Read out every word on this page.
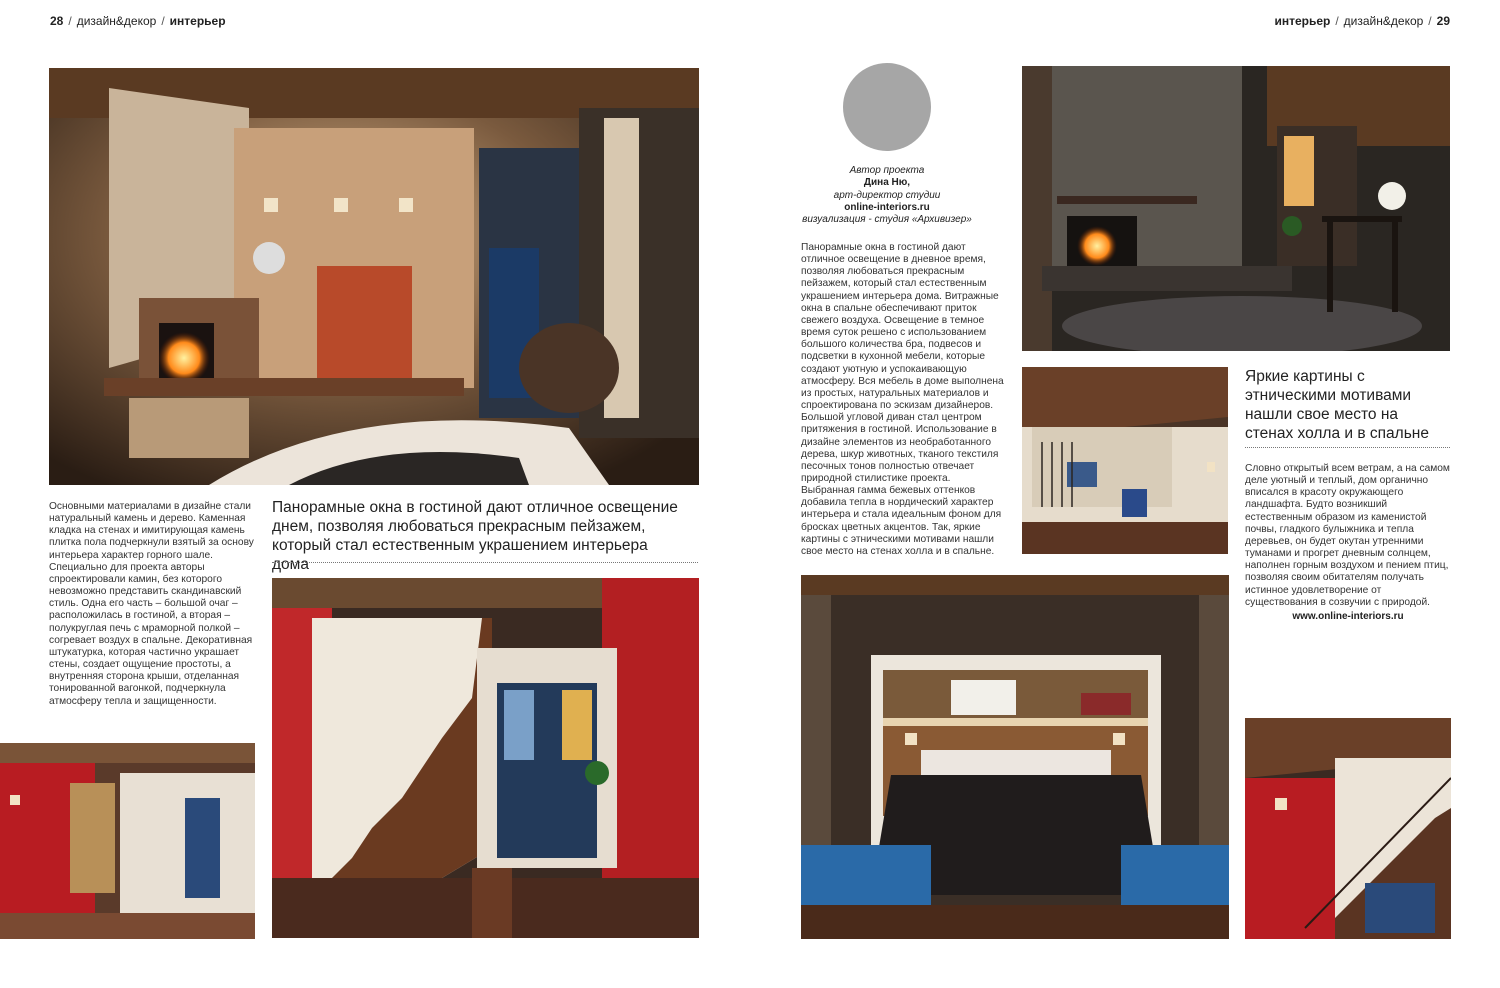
28 / дизайн&декор / интерьер	интерьер / дизайн&декор / 29
Основными материалами в дизайне стали натуральный камень и дерево. Каменная кладка на стенах и имитирующая камень плитка пола подчеркнули взятый за основу интерьера характер горного шале. Специально для проекта авторы спроектировали камин, без которого невозможно представить скандинавский стиль. Одна его часть – большой очаг – расположилась в гостиной, а вторая – полукруглая печь с мраморной полкой – согревает воздух в спальне. Декоративная штукатурка, которая частично украшает стены, создает ощущение простоты, а внутренняя сторона крыши, отделанная тонированной вагонкой, подчеркнула атмосферу тепла и защищенности.
Панорамные окна в гостиной дают отличное освещение днем, позволяя любоваться прекрасным пейзажем, который стал естественным украшением интерьера дома

Автор проекта

Дина Ню,

арт-директор студии

online-interiors.ru

визуализация - студия «Архивизер»

Панорамные окна в гостиной дают отличное освещение в дневное время, позволяя любоваться прекрасным пейзажем, который стал естественным украшением интерьера дома. Витражные окна в спальне обеспечивают приток свежего воздуха. Освещение в темное время суток решено с использованием большого количества бра, подвесов и подсветки в кухонной мебели, которые создают уютную и успокаивающую атмосферу. Вся мебель в доме выполнена из простых, натуральных материалов и спроектирована по эскизам дизайнеров. Большой угловой диван стал центром притяжения в гостиной. Использование в дизайне элементов из необработанного дерева, шкур животных, тканого текстиля песочных тонов полностью отвечает природной стилистике проекта. Выбранная гамма бежевых оттенков добавила тепла в нордический характер интерьера и стала идеальным фоном для бросках цветных акцентов. Так, яркие картины с этническими мотивами нашли свое место на стенах холла и в спальне.
Яркие картины с этническими мотивами нашли свое место на стенах холла и в спальне
Словно открытый всем ветрам, а на самом деле уютный и теплый, дом органично вписался в красоту окружающего ландшафта. Будто возникший естественным образом из каменистой почвы, гладкого булыжника и тепла деревьев, он будет окутан утренними туманами и прогрет дневным солнцем, наполнен горным воздухом и пением птиц, позволяя своим обитателям получать истинное удовлетворение от существования в созвучии с природой.
www.online-interiors.ru
